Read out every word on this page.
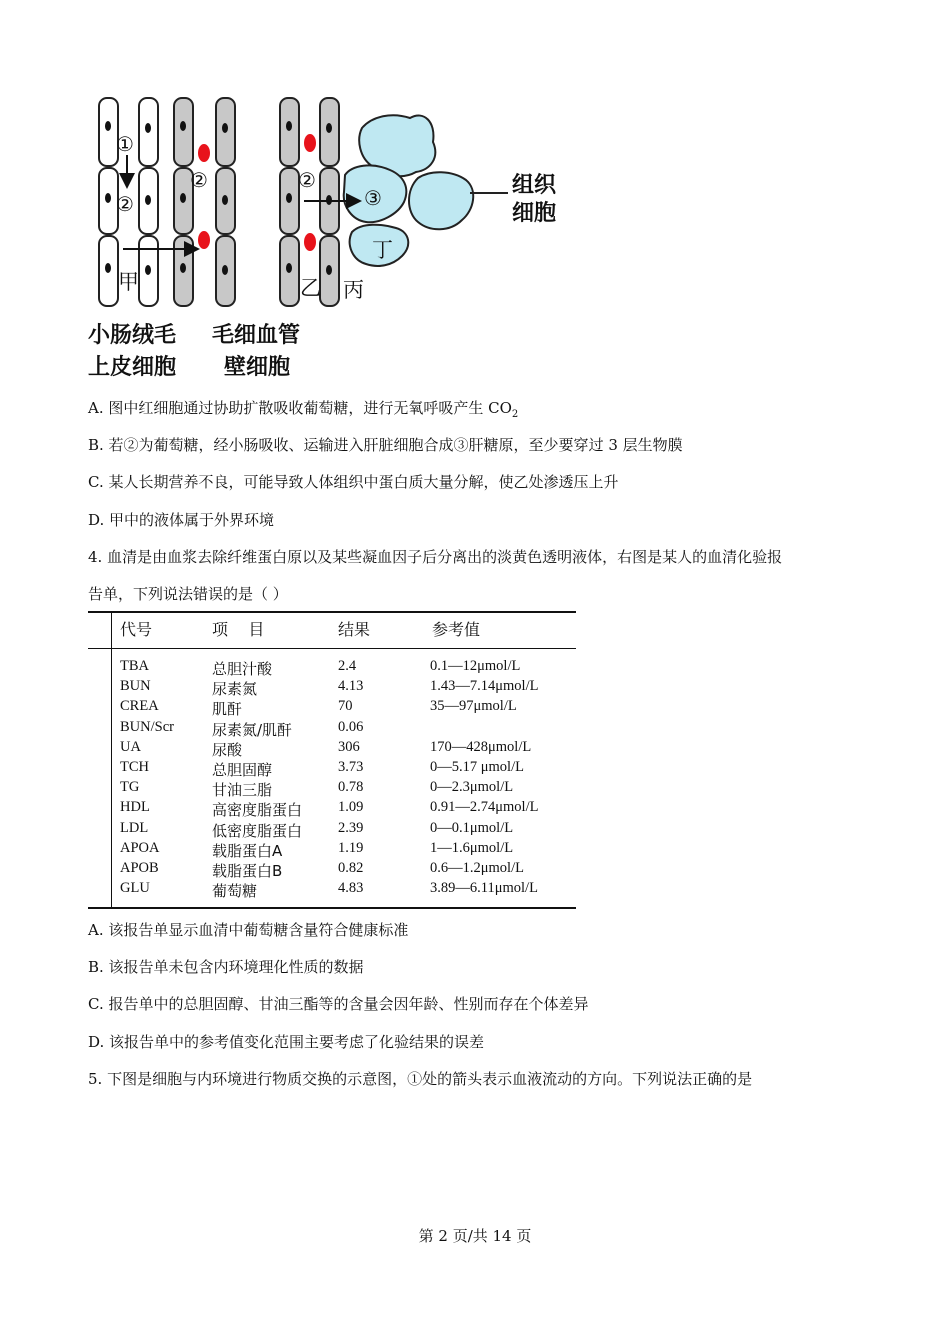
①
②
②	②
③
甲	乙 丙
丁
组织
细胞
小肠绒毛
上皮细胞
毛细血管
壁细胞
A. 图中红细胞通过协助扩散吸收葡萄糖，进行无氧呼吸产生 $CO_2$
B. 若②为葡萄糖，经小肠吸收、运输进入肝脏细胞合成③肝糖原，至少要穿过 3 层生物膜
C. 某人长期营养不良，可能导致人体组织中蛋白质大量分解，使乙处渗透压上升
D. 甲中的液体属于外界环境
4. 血清是由血浆去除纤维蛋白原以及某些凝血因子后分离出的淡黄色透明液体，右图是某人的血清化验报
告单，下列说法错误的是（ ）
代号	项    目	结果	参考值
TBA	总胆汁酸	2.4	0.1—12μmol/L
BUN	尿素氮	4.13	1.43—7.14μmol/L
CREA	肌酐	70	35—97μmol/L
BUN/Scr	尿素氮/肌酐	0.06
UA	尿酸	306	170—428μmol/L
TCH	总胆固醇	3.73	0—5.17 μmol/L
TG	甘油三脂	0.78	0—2.3μmol/L
HDL	高密度脂蛋白 1.09	0.91—2.74μmol/L
LDL	低密度脂蛋白 2.39	0—0.1μmol/L
APOA	载脂蛋白A	1.19	1—1.6μmol/L
APOB	载脂蛋白B	0.82	0.6—1.2μmol/L
GLU	葡萄糖	4.83	3.89—6.11μmol/L
A. 该报告单显示血清中葡萄糖含量符合健康标准
B. 该报告单未包含内环境理化性质的数据
C. 报告单中的总胆固醇、甘油三酯等的含量会因年龄、性别而存在个体差异
D. 该报告单中的参考值变化范围主要考虑了化验结果的误差
5. 下图是细胞与内环境进行物质交换的示意图，①处的箭头表示血液流动的方向。下列说法正确的是
第 2 页/共 14 页
